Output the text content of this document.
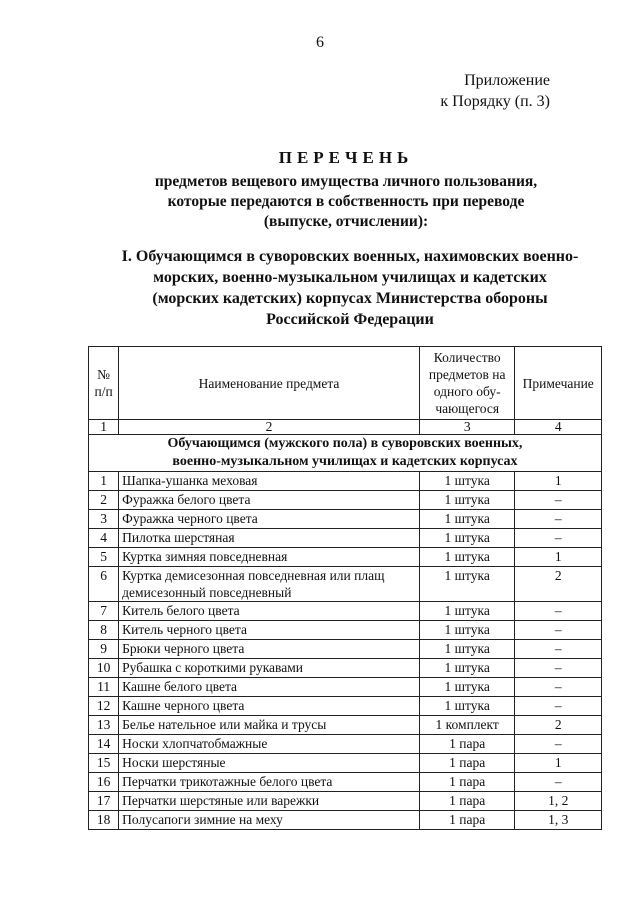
6
Приложение
к Порядку (п. 3)
ПЕРЕЧЕНЬ
предметов вещевого имущества личного пользования,
которые передаются в собственность при переводе
(выпуске, отчислении):
I. Обучающимся в суворовских военных, нахимовских военно-
морских, военно-музыкальном училищах и кадетских
(морских кадетских) корпусах Министерства обороны
Российской Федерации
№ п/п	Наименование предмета	Количество предметов на одного обу-чающегося	Примечание
1	2	3	4

Обучающимся (мужского пола) в суворовских военных,
военно-музыкальном училищах и кадетских корпусах			

1	Шапка-ушанка меховая	1 штука	1
2	Фуражка белого цвета	1 штука	–
3	Фуражка черного цвета	1 штука	–
4	Пилотка шерстяная	1 штука	–
5	Куртка зимняя повседневная	1 штука	1
6	Куртка демисезонная повседневная или плащ демисезонный повседневный	1 штука	2
7	Китель белого цвета	1 штука	–
8	Китель черного цвета	1 штука	–
9	Брюки черного цвета	1 штука	–
10	Рубашка с короткими рукавами	1 штука	–
11	Кашне белого цвета	1 штука	–
12	Кашне черного цвета	1 штука	–
13	Белье нательное или майка и трусы	1 комплект	2
14	Носки хлопчатобмажные	1 пара	–
15	Носки шерстяные	1 пара	1
16	Перчатки трикотажные белого цвета	1 пара	–
17	Перчатки шерстяные или варежки	1 пара	1, 2
18	Полусапоги зимние на меху	1 пара	1, 3
